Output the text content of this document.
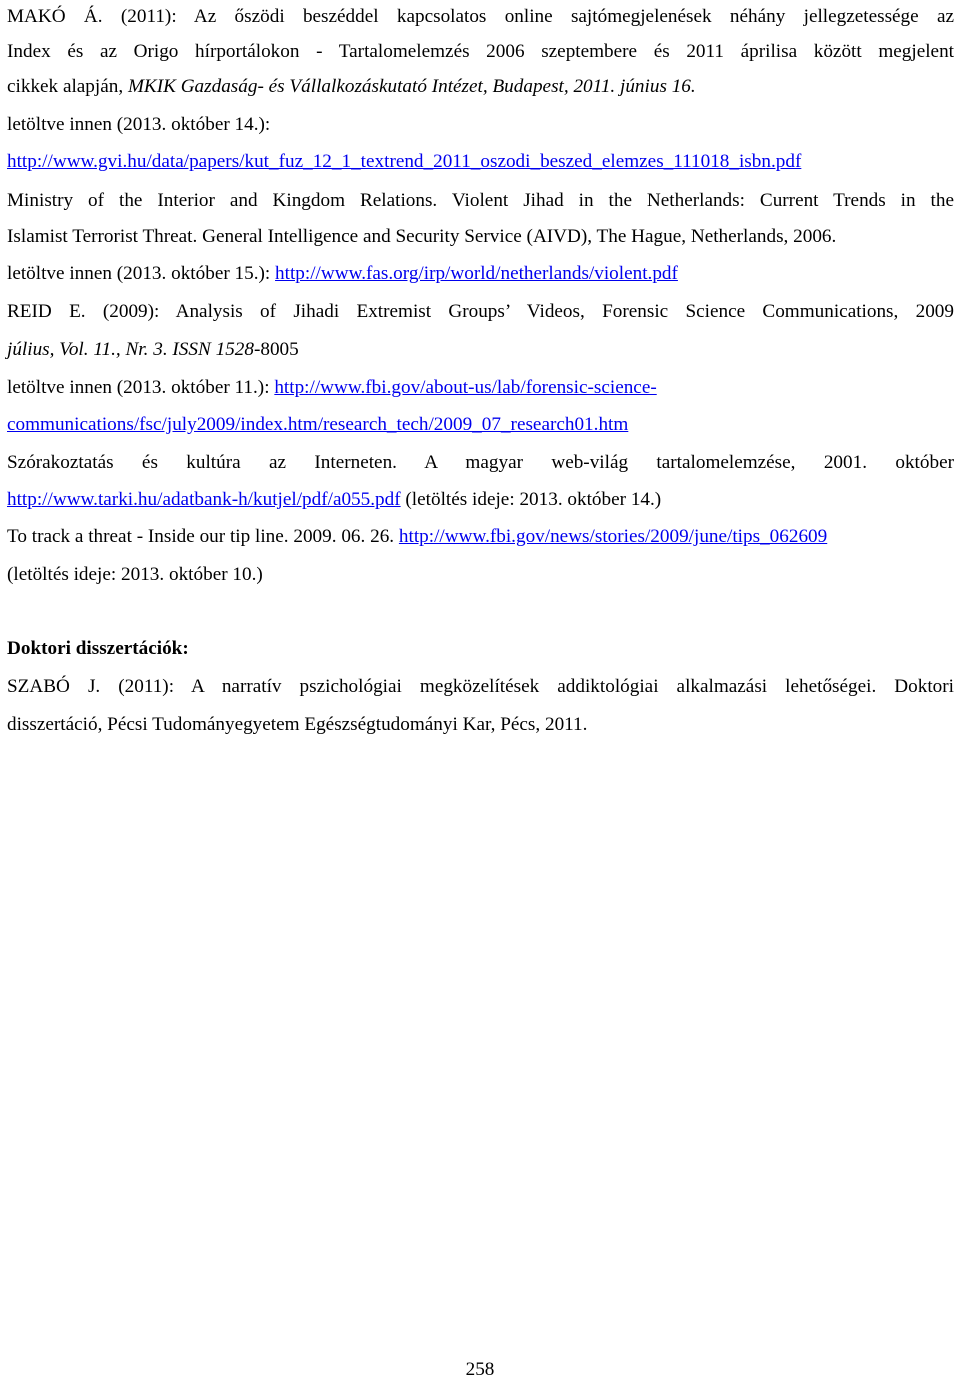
MAKÓ Á. (2011): Az őszödi beszéddel kapcsolatos online sajtómegjelenések néhány jellegzetessége az
Index és az Origo hírportálokon - Tartalomelemzés 2006 szeptembere és 2011 áprilisa között megjelent
cikkek alapján, MKIK Gazdaság- és Vállalkozáskutató Intézet, Budapest, 2011. június 16.
letöltve innen (2013. október 14.):
http://www.gvi.hu/data/papers/kut_fuz_12_1_textrend_2011_oszodi_beszed_elemzes_111018_isbn.pdf
Ministry of the Interior and Kingdom Relations. Violent Jihad in the Netherlands: Current Trends in the
Islamist Terrorist Threat. General Intelligence and Security Service (AIVD), The Hague, Netherlands, 2006.
letöltve innen (2013. október 15.): http://www.fas.org/irp/world/netherlands/violent.pdf
REID E. (2009): Analysis of Jihadi Extremist Groups’ Videos, Forensic Science Communications, 2009
július, Vol. 11., Nr. 3. ISSN 1528-8005
letöltve innen (2013. október 11.): http://www.fbi.gov/about-us/lab/forensic-science-
communications/fsc/july2009/index.htm/research_tech/2009_07_research01.htm
Szórakoztatás és kultúra az Interneten. A magyar web-világ tartalomelemzése, 2001. október
http://www.tarki.hu/adatbank-h/kutjel/pdf/a055.pdf (letöltés ideje: 2013. október 14.)
To track a threat - Inside our tip line. 2009. 06. 26. http://www.fbi.gov/news/stories/2009/june/tips_062609
(letöltés ideje: 2013. október 10.)
Doktori disszertációk:
SZABÓ J. (2011): A narratív pszichológiai megközelítések addiktológiai alkalmazási lehetőségei. Doktori
disszertáció, Pécsi Tudományegyetem Egészségtudományi Kar, Pécs, 2011.
258
